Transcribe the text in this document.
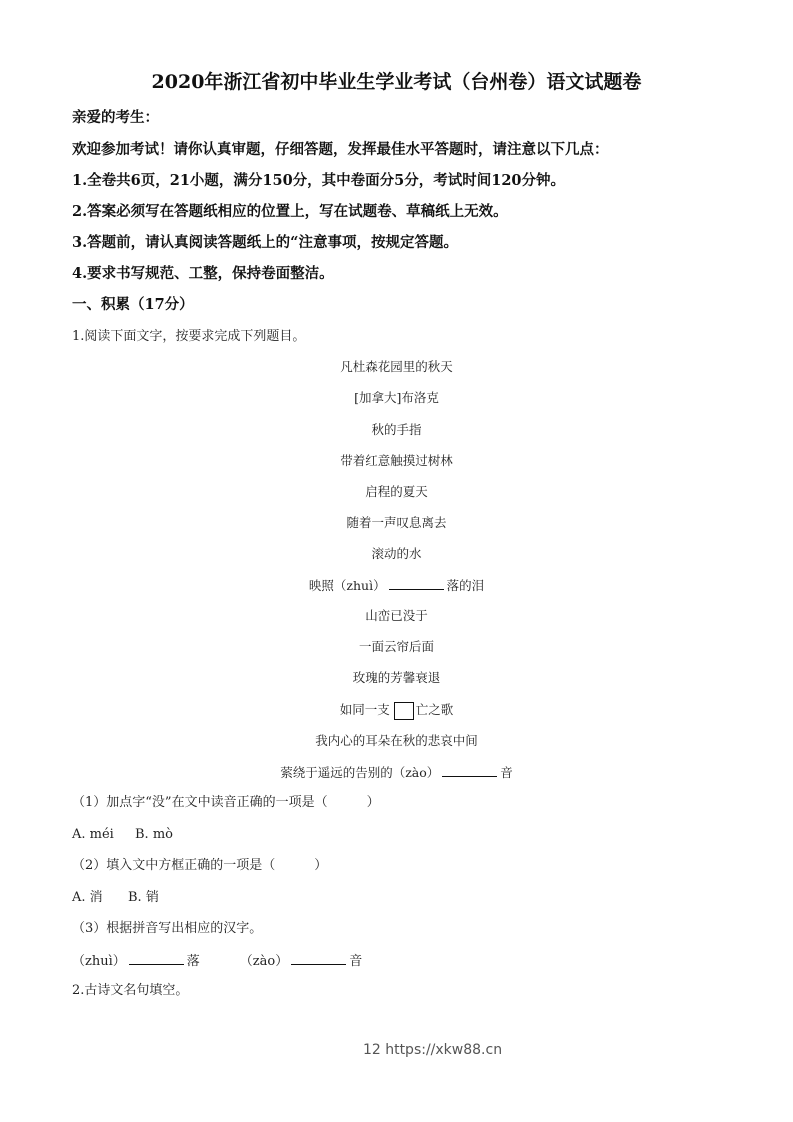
2020年浙江省初中毕业生学业考试（台州卷）语文试题卷
亲爱的考生：
欢迎参加考试！请你认真审题，仔细答题，发挥最佳水平答题时，请注意以下几点：
1.全卷共6页，21小题，满分150分，其中卷面分5分，考试时间120分钟。
2.答案必须写在答题纸相应的位置上，写在试题卷、草稿纸上无效。
3.答题前，请认真阅读答题纸上的“注意事项，按规定答题。
4.要求书写规范、工整，保持卷面整洁。
一、积累（17分）
1.阅读下面文字，按要求完成下列题目。
凡杜森花园里的秋天
[加拿大]布洛克
秋的手指
带着红意触摸过树林
启程的夏天
随着一声叹息离去
滚动的水
映照（zhuì）	落的泪
山峦已没于
一面云帘后面
玫瑰的芳馨衰退
如同一支 亡之歌
我内心的耳朵在秋的悲哀中间
萦绕于遥远的告别的（zào）	音
（1）加点字“没”在文中读音正确的一项是（　　　）
A. méi B. mò
（2）填入文中方框正确的一项是（　　　）
A. 消 B. 销
（3）根据拼音写出相应的汉字。
（zhuì）	落	（zào）	音
2.古诗文名句填空。
12 https://xkw88.cn
